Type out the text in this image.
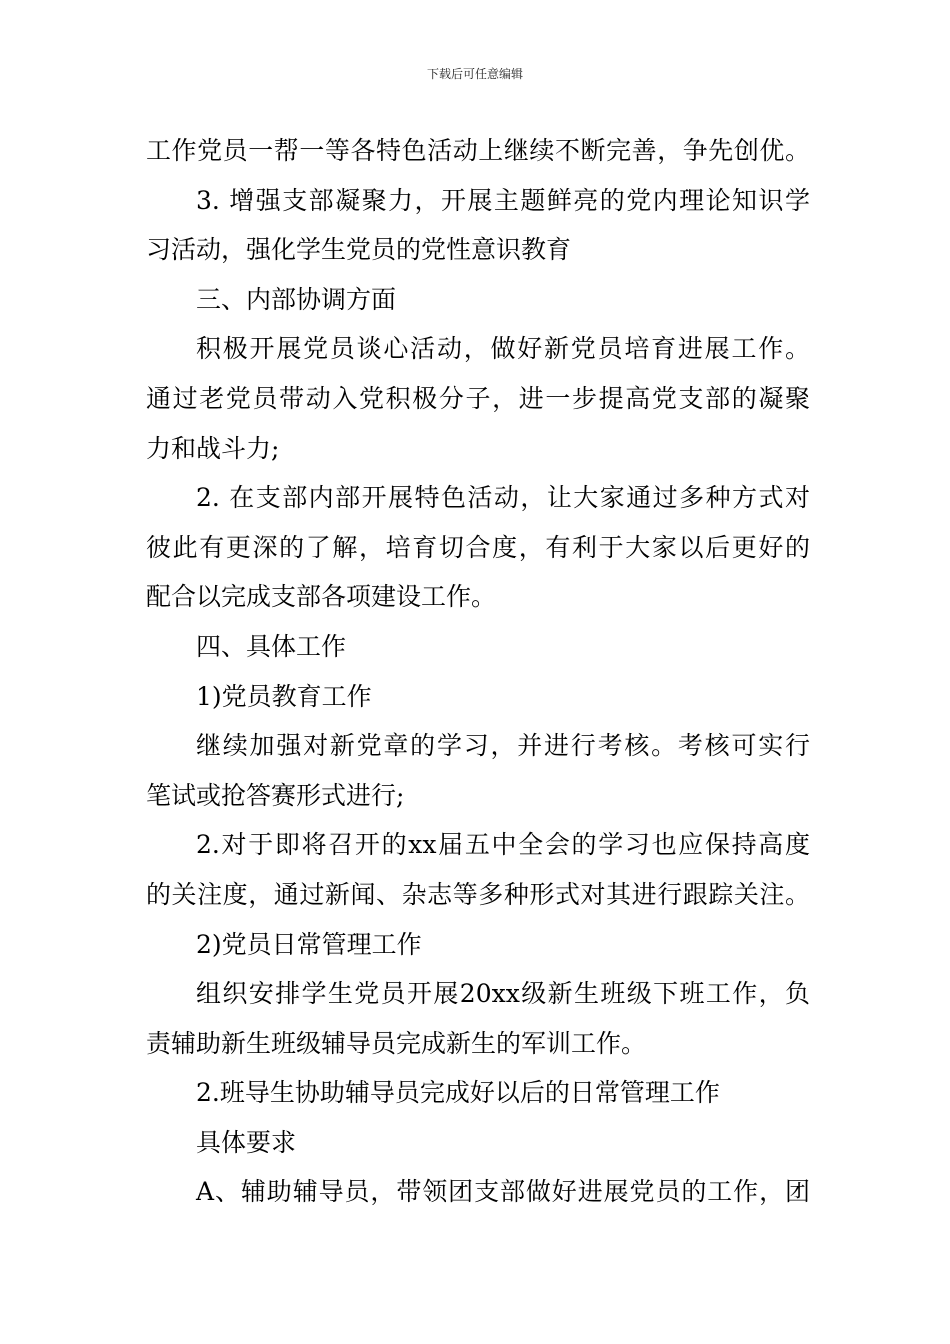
下载后可任意编辑
工作党员一帮一等各特色活动上继续不断完善，争先创优。
3. 增强支部凝聚力，开展主题鲜亮的党内理论知识学
习活动，强化学生党员的党性意识教育
三、内部协调方面
积极开展党员谈心活动，做好新党员培育进展工作。
通过老党员带动入党积极分子，进一步提高党支部的凝聚
力和战斗力;
2. 在支部内部开展特色活动，让大家通过多种方式对
彼此有更深的了解，培育切合度，有利于大家以后更好的
配合以完成支部各项建设工作。
四、具体工作
1)党员教育工作
继续加强对新党章的学习，并进行考核。考核可实行
笔试或抢答赛形式进行;
2.对于即将召开的xx届五中全会的学习也应保持高度
的关注度，通过新闻、杂志等多种形式对其进行跟踪关注。
2)党员日常管理工作
组织安排学生党员开展20xx级新生班级下班工作，负
责辅助新生班级辅导员完成新生的军训工作。
2.班导生协助辅导员完成好以后的日常管理工作
具体要求
A、辅助辅导员，带领团支部做好进展党员的工作，团
